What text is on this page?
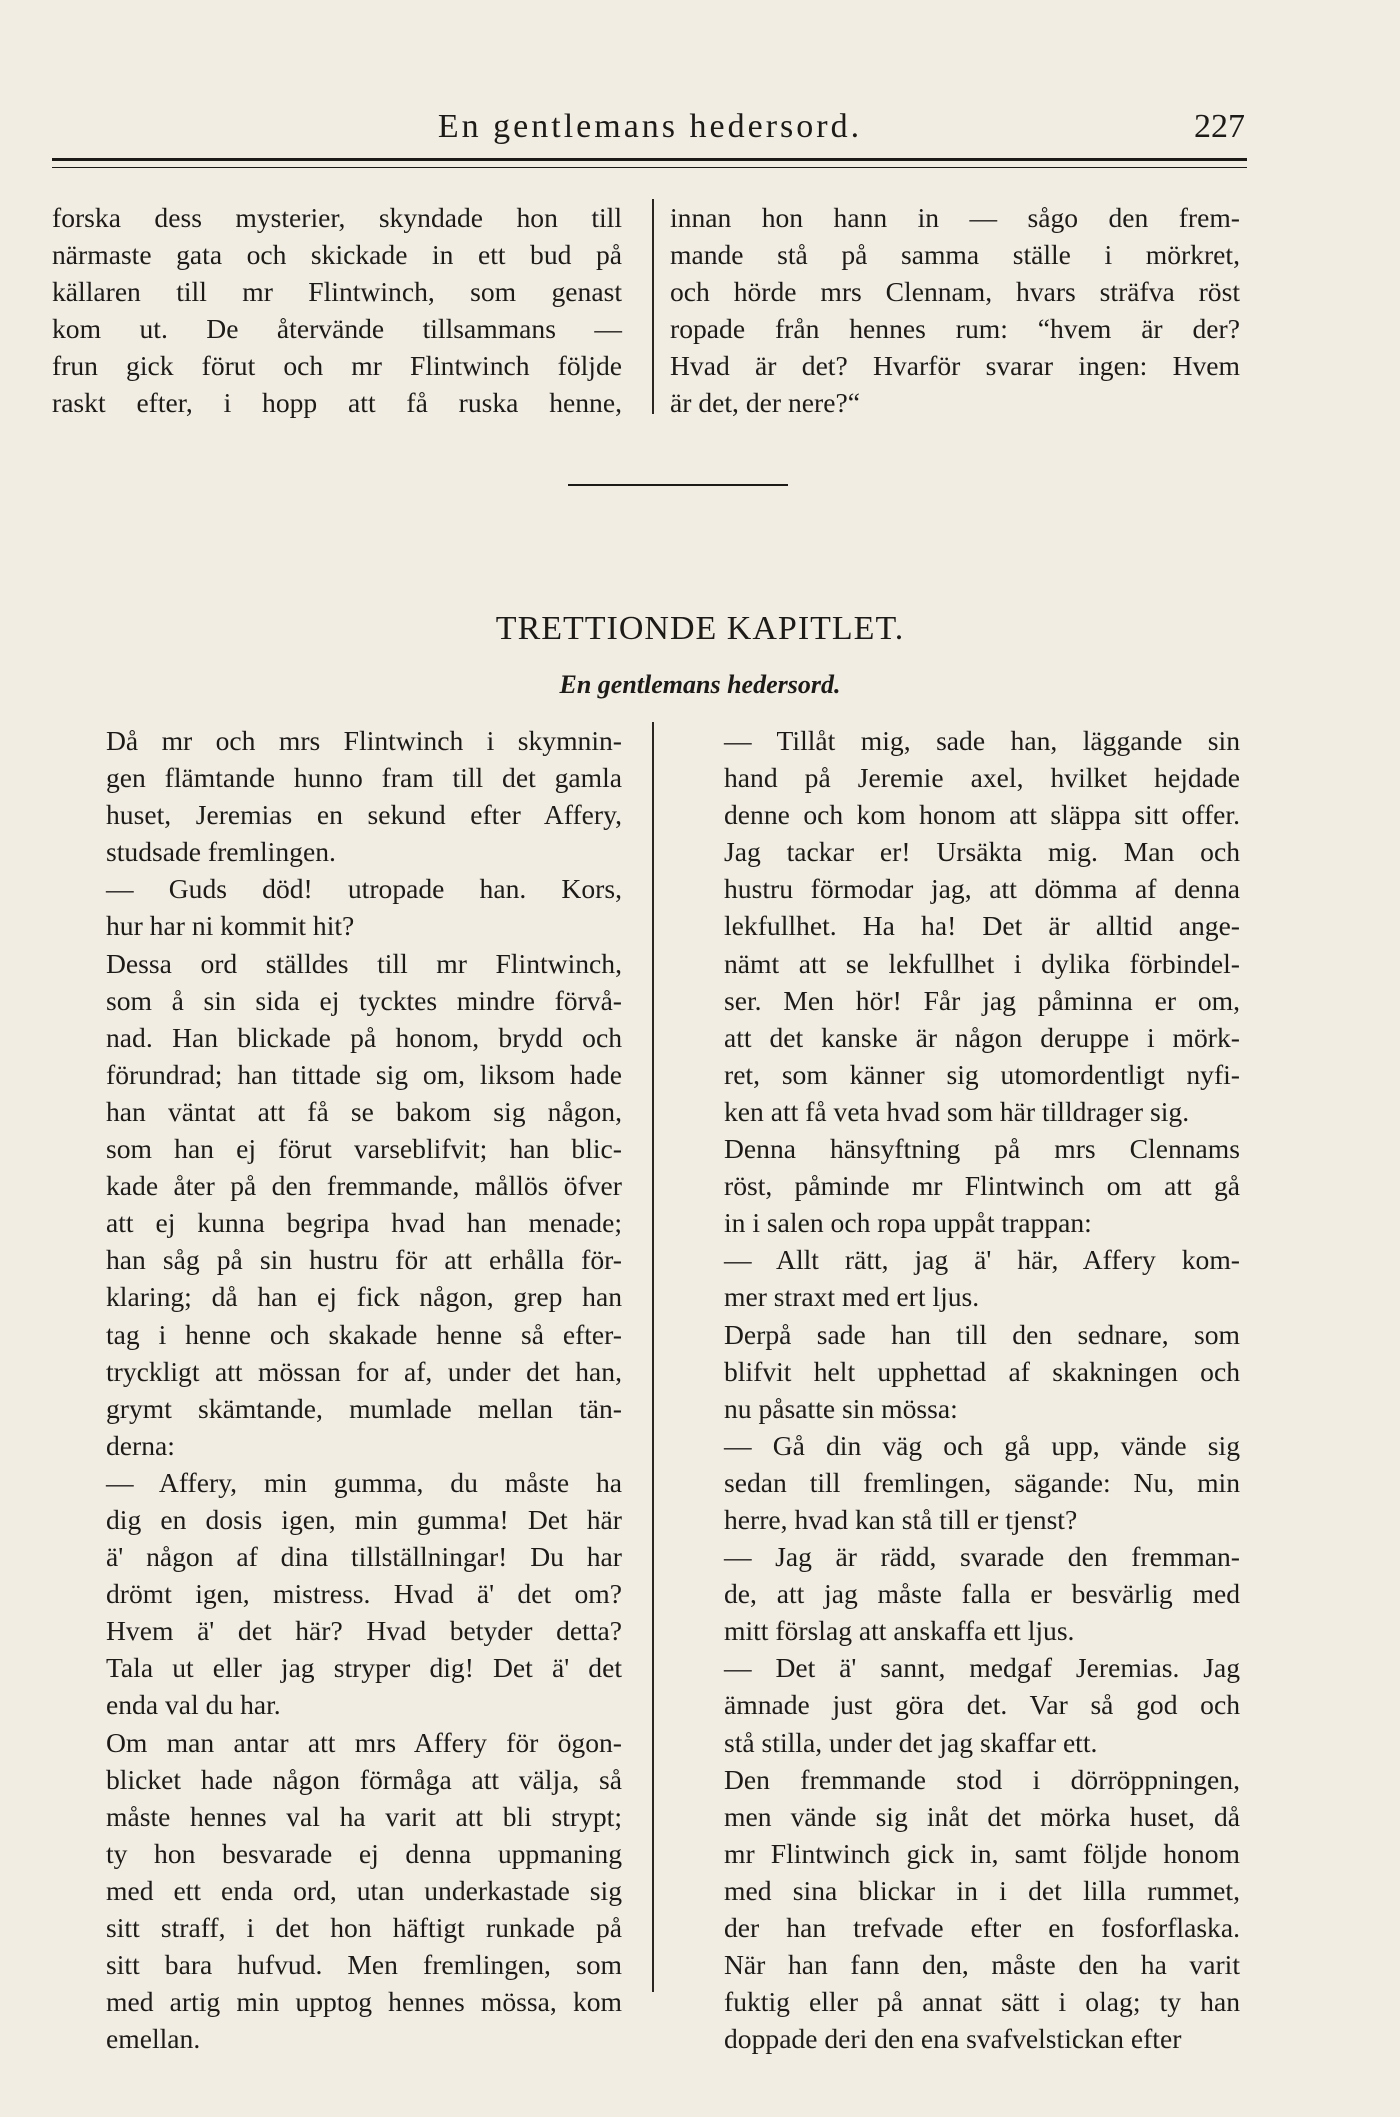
En gentlemans hedersord.	227
forska dess mysterier, skyndade hon till
närmaste gata och skickade in ett bud på
källaren till mr Flintwinch, som genast
kom ut. De återvände tillsammans —
frun gick förut och mr Flintwinch följde
raskt efter, i hopp att få ruska henne,
innan hon hann in — sågo den frem-
mande stå på samma ställe i mörkret,
och hörde mrs Clennam, hvars sträfva röst
ropade från hennes rum: “hvem är der?
Hvad är det? Hvarför svarar ingen: Hvem
är det, der nere?“
TRETTIONDE KAPITLET.
En gentlemans hedersord.

Då mr och mrs Flintwinch i skymnin-
gen flämtande hunno fram till det gamla
huset, Jeremias en sekund efter Affery,
studsade fremlingen.

— Guds död! utropade han. Kors,
hur har ni kommit hit?

Dessa ord ställdes till mr Flintwinch,
som å sin sida ej tycktes mindre förvå-
nad. Han blickade på honom, brydd och
förundrad; han tittade sig om, liksom hade
han väntat att få se bakom sig någon,
som han ej förut varseblifvit; han blic-
kade åter på den fremmande, mållös öfver
att ej kunna begripa hvad han menade;
han såg på sin hustru för att erhålla för-
klaring; då han ej fick någon, grep han
tag i henne och skakade henne så efter-
tryckligt att mössan for af, under det han,
grymt skämtande, mumlade mellan tän-
derna:

— Affery, min gumma, du måste ha
dig en dosis igen, min gumma! Det här
ä' någon af dina tillställningar! Du har
drömt igen, mistress. Hvad ä' det om?
Hvem ä' det här? Hvad betyder detta?
Tala ut eller jag stryper dig! Det ä' det
enda val du har.

Om man antar att mrs Affery för ögon-
blicket hade någon förmåga att välja, så
måste hennes val ha varit att bli strypt;
ty hon besvarade ej denna uppmaning
med ett enda ord, utan underkastade sig
sitt straff, i det hon häftigt runkade på
sitt bara hufvud. Men fremlingen, som
med artig min upptog hennes mössa, kom
emellan.

— Tillåt mig, sade han, läggande sin
hand på Jeremie axel, hvilket hejdade
denne och kom honom att släppa sitt offer.
Jag tackar er! Ursäkta mig. Man och
hustru förmodar jag, att dömma af denna
lekfullhet. Ha ha! Det är alltid ange-
nämt att se lekfullhet i dylika förbindel-
ser. Men hör! Får jag påminna er om,
att det kanske är någon deruppe i mörk-
ret, som känner sig utomordentligt nyfi-
ken att få veta hvad som här tilldrager sig.

Denna hänsyftning på mrs Clennams
röst, påminde mr Flintwinch om att gå
in i salen och ropa uppåt trappan:

— Allt rätt, jag ä' här, Affery kom-
mer straxt med ert ljus.

Derpå sade han till den sednare, som
blifvit helt upphettad af skakningen och
nu påsatte sin mössa:

— Gå din väg och gå upp, vände sig
sedan till fremlingen, sägande: Nu, min
herre, hvad kan stå till er tjenst?

— Jag är rädd, svarade den fremman-
de, att jag måste falla er besvärlig med
mitt förslag att anskaffa ett ljus.

— Det ä' sannt, medgaf Jeremias. Jag
ämnade just göra det. Var så god och
stå stilla, under det jag skaffar ett.

Den fremmande stod i dörröppningen,
men vände sig inåt det mörka huset, då
mr Flintwinch gick in, samt följde honom
med sina blickar in i det lilla rummet,
der han trefvade efter en fosforflaska.
När han fann den, måste den ha varit
fuktig eller på annat sätt i olag; ty han
doppade deri den ena svafvelstickan efter
